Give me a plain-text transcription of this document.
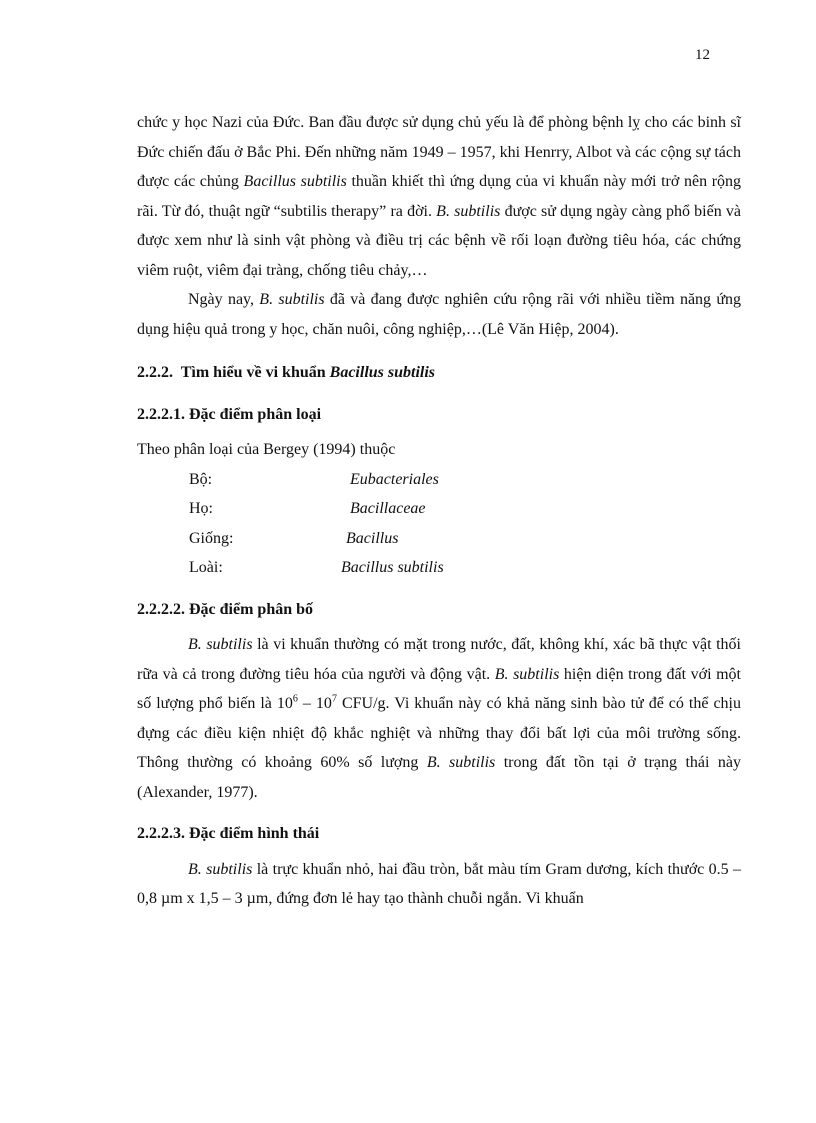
12

chức y học Nazi của Đức. Ban đầu được sử dụng chủ yếu là để phòng bệnh lỵ cho các binh sĩ Đức chiến đấu ở Bắc Phi. Đến những năm 1949 – 1957, khi Henrry, Albot và các cộng sự tách được các chủng Bacillus subtilis thuần khiết thì ứng dụng của vi khuẩn này mới trở nên rộng rãi. Từ đó, thuật ngữ “subtilis therapy” ra đời. B. subtilis được sử dụng ngày càng phổ biến và được xem như là sinh vật phòng và điều trị các bệnh về rối loạn đường tiêu hóa, các chứng viêm ruột, viêm đại tràng, chống tiêu chảy,…

Ngày nay, B. subtilis đã và đang được nghiên cứu rộng rãi với nhiều tiềm năng ứng dụng hiệu quả trong y học, chăn nuôi, công nghiệp,…(Lê Văn Hiệp, 2004).

2.2.2. Tìm hiểu về vi khuẩn Bacillus subtilis
2.2.2.1. Đặc điểm phân loại

Theo phân loại của Bergey (1994) thuộc

Bộ:	Eubacteriales
Họ:	Bacillaceae
Giống:	Bacillus
Loài:	Bacillus subtilis
2.2.2.2. Đặc điểm phân bố

B. subtilis là vi khuẩn thường có mặt trong nước, đất, không khí, xác bã thực vật thối rữa và cả trong đường tiêu hóa của người và động vật. B. subtilis hiện diện trong đất với một số lượng phổ biến là $10^6 - 10^7$ CFU/g. Vi khuẩn này có khả năng sinh bào tử để có thể chịu đựng các điều kiện nhiệt độ khắc nghiệt và những thay đổi bất lợi của môi trường sống. Thông thường có khoảng 60% số lượng B. subtilis trong đất tồn tại ở trạng thái này (Alexander, 1977).

2.2.2.3. Đặc điểm hình thái

B. subtilis là trực khuẩn nhỏ, hai đầu tròn, bắt màu tím Gram dương, kích thước 0.5 – 0,8 µm x 1,5 – 3 µm, đứng đơn lẻ hay tạo thành chuỗi ngắn. Vi khuẩn
